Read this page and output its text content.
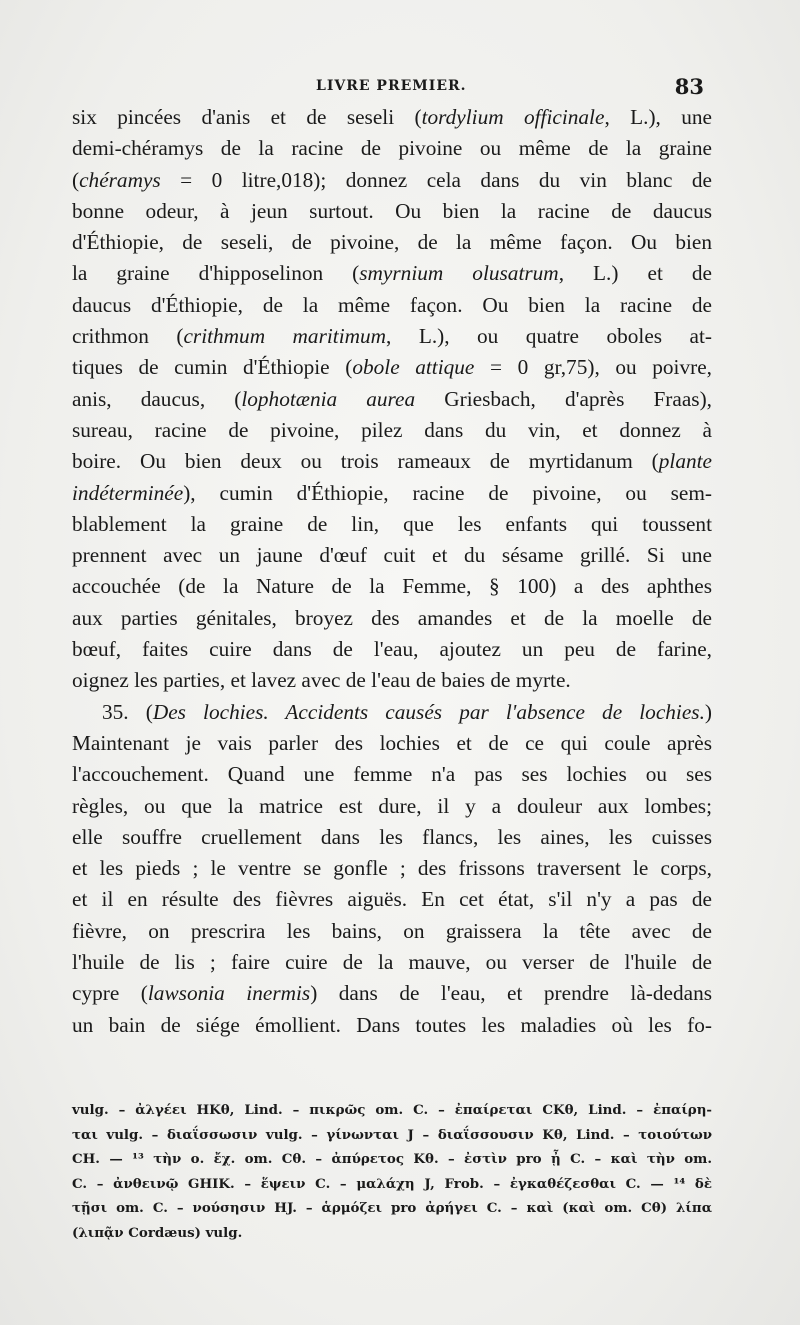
LIVRE PREMIER.	83
six pincées d'anis et de seseli (tordylium officinale, L.), une
demi-chéramys de la racine de pivoine ou même de la graine
(chéramys = 0 litre,018); donnez cela dans du vin blanc de
bonne odeur, à jeun surtout. Ou bien la racine de daucus
d'Éthiopie, de seseli, de pivoine, de la même façon. Ou bien
la graine d'hipposelinon (smyrnium olusatrum, L.) et de
daucus d'Éthiopie, de la même façon. Ou bien la racine de
crithmon (crithmum maritimum, L.), ou quatre oboles at-
tiques de cumin d'Éthiopie (obole attique = 0 gr,75), ou poivre,
anis, daucus, (lophotænia aurea Griesbach, d'après Fraas),
sureau, racine de pivoine, pilez dans du vin, et donnez à
boire. Ou bien deux ou trois rameaux de myrtidanum (plante
indéterminée), cumin d'Éthiopie, racine de pivoine, ou sem-
blablement la graine de lin, que les enfants qui toussent
prennent avec un jaune d'œuf cuit et du sésame grillé. Si une
accouchée (de la Nature de la Femme, § 100) a des aphthes
aux parties génitales, broyez des amandes et de la moelle de
bœuf, faites cuire dans de l'eau, ajoutez un peu de farine,
oignez les parties, et lavez avec de l'eau de baies de myrte.
35. (Des lochies. Accidents causés par l'absence de lochies.)
Maintenant je vais parler des lochies et de ce qui coule après
l'accouchement. Quand une femme n'a pas ses lochies ou ses
règles, ou que la matrice est dure, il y a douleur aux lombes;
elle souffre cruellement dans les flancs, les aines, les cuisses
et les pieds ; le ventre se gonfle ; des frissons traversent le corps,
et il en résulte des fièvres aiguës. En cet état, s'il n'y a pas de
fièvre, on prescrira les bains, on graissera la tête avec de
l'huile de lis ; faire cuire de la mauve, ou verser de l'huile de
cypre (lawsonia inermis) dans de l'eau, et prendre là-dedans
un bain de siége émollient. Dans toutes les maladies où les fo-
vulg. – ἀλγέει HKθ, Lind. – πικρῶς om. C. – ἐπαίρεται CKθ, Lind. – ἐπαίρη-
ται vulg. – διαΐσσωσιν vulg. – γίνωνται J – διαΐσσουσιν Kθ, Lind. – τοιούτων
CH. — ¹³ τὴν ο. ἔχ. om. Cθ. – ἀπύρετος Kθ. – ἐστὶν pro ᾖ C. – καὶ τὴν om.
C. – ἀνθεινῷ GHIK. – ἕψειν C. – μαλάχη J, Frob. – ἐγκαθέζεσθαι C. — ¹⁴ δὲ
τῇσι om. C. – νούσησιν HJ. – ἁρμόζει pro ἀρήγει C. – καὶ (καὶ om. Cθ) λίπα
(λιπᾷν Cordæus) vulg.
